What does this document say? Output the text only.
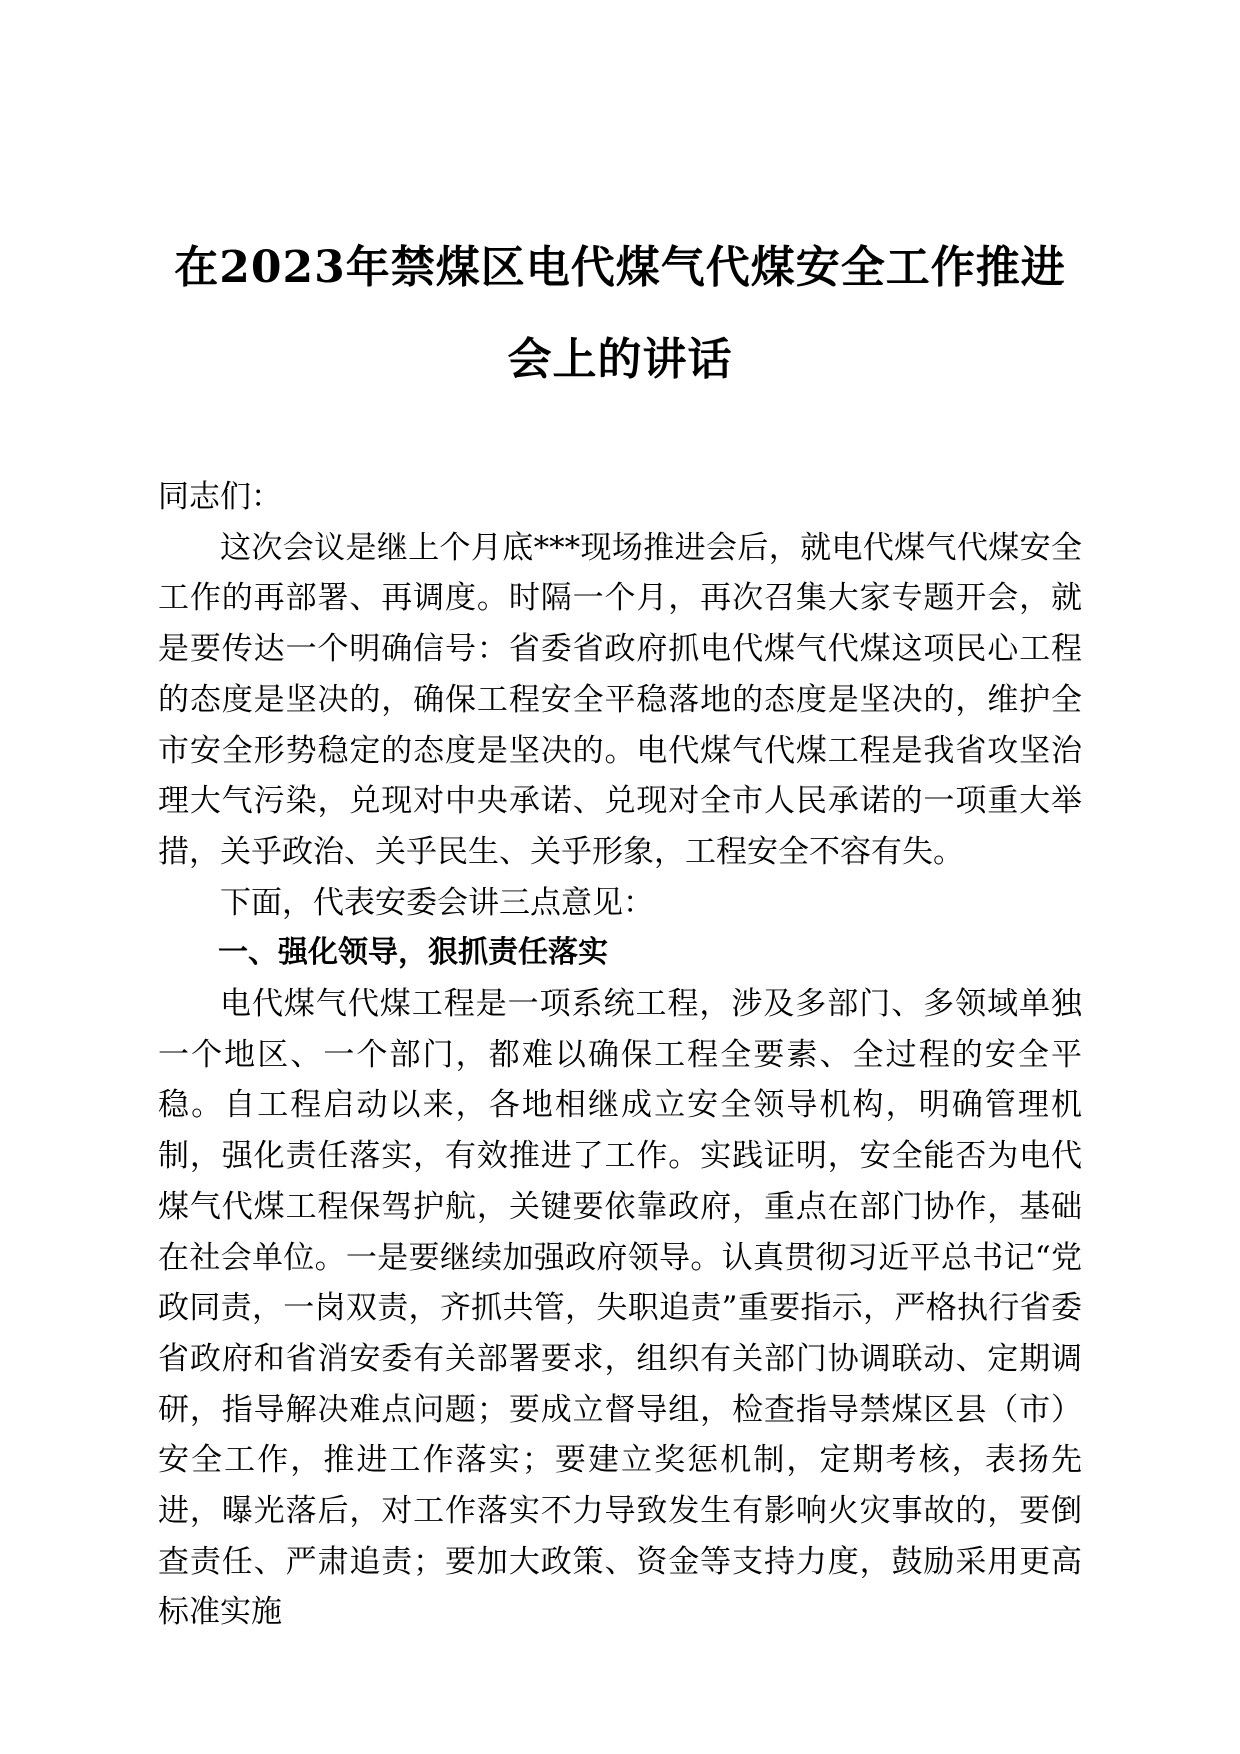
在2023年禁煤区电代煤气代煤安全工作推进
会上的讲话

同志们：

这次会议是继上个月底***现场推进会后，就电代煤气代煤安全工作的再部署、再调度。时隔一个月，再次召集大家专题开会，就是要传达一个明确信号：省委省政府抓电代煤气代煤这项民心工程的态度是坚决的，确保工程安全平稳落地的态度是坚决的，维护全市安全形势稳定的态度是坚决的。电代煤气代煤工程是我省攻坚治理大气污染，兑现对中央承诺、兑现对全市人民承诺的一项重大举措，关乎政治、关乎民生、关乎形象，工程安全不容有失。

下面，代表安委会讲三点意见：

一、强化领导，狠抓责任落实

电代煤气代煤工程是一项系统工程，涉及多部门、多领域单独一个地区、一个部门，都难以确保工程全要素、全过程的安全平稳。自工程启动以来，各地相继成立安全领导机构，明确管理机制，强化责任落实，有效推进了工作。实践证明，安全能否为电代煤气代煤工程保驾护航，关键要依靠政府，重点在部门协作，基础在社会单位。一是要继续加强政府领导。认真贯彻习近平总书记“党政同责，一岗双责，齐抓共管，失职追责”重要指示，严格执行省委省政府和省消安委有关部署要求，组织有关部门协调联动、定期调研，指导解决难点问题；要成立督导组，检查指导禁煤区县（市）安全工作，推进工作落实；要建立奖惩机制，定期考核，表扬先进，曝光落后，对工作落实不力导致发生有影响火灾事故的，要倒查责任、严肃追责；要加大政策、资金等支持力度，鼓励采用更高标准实施
